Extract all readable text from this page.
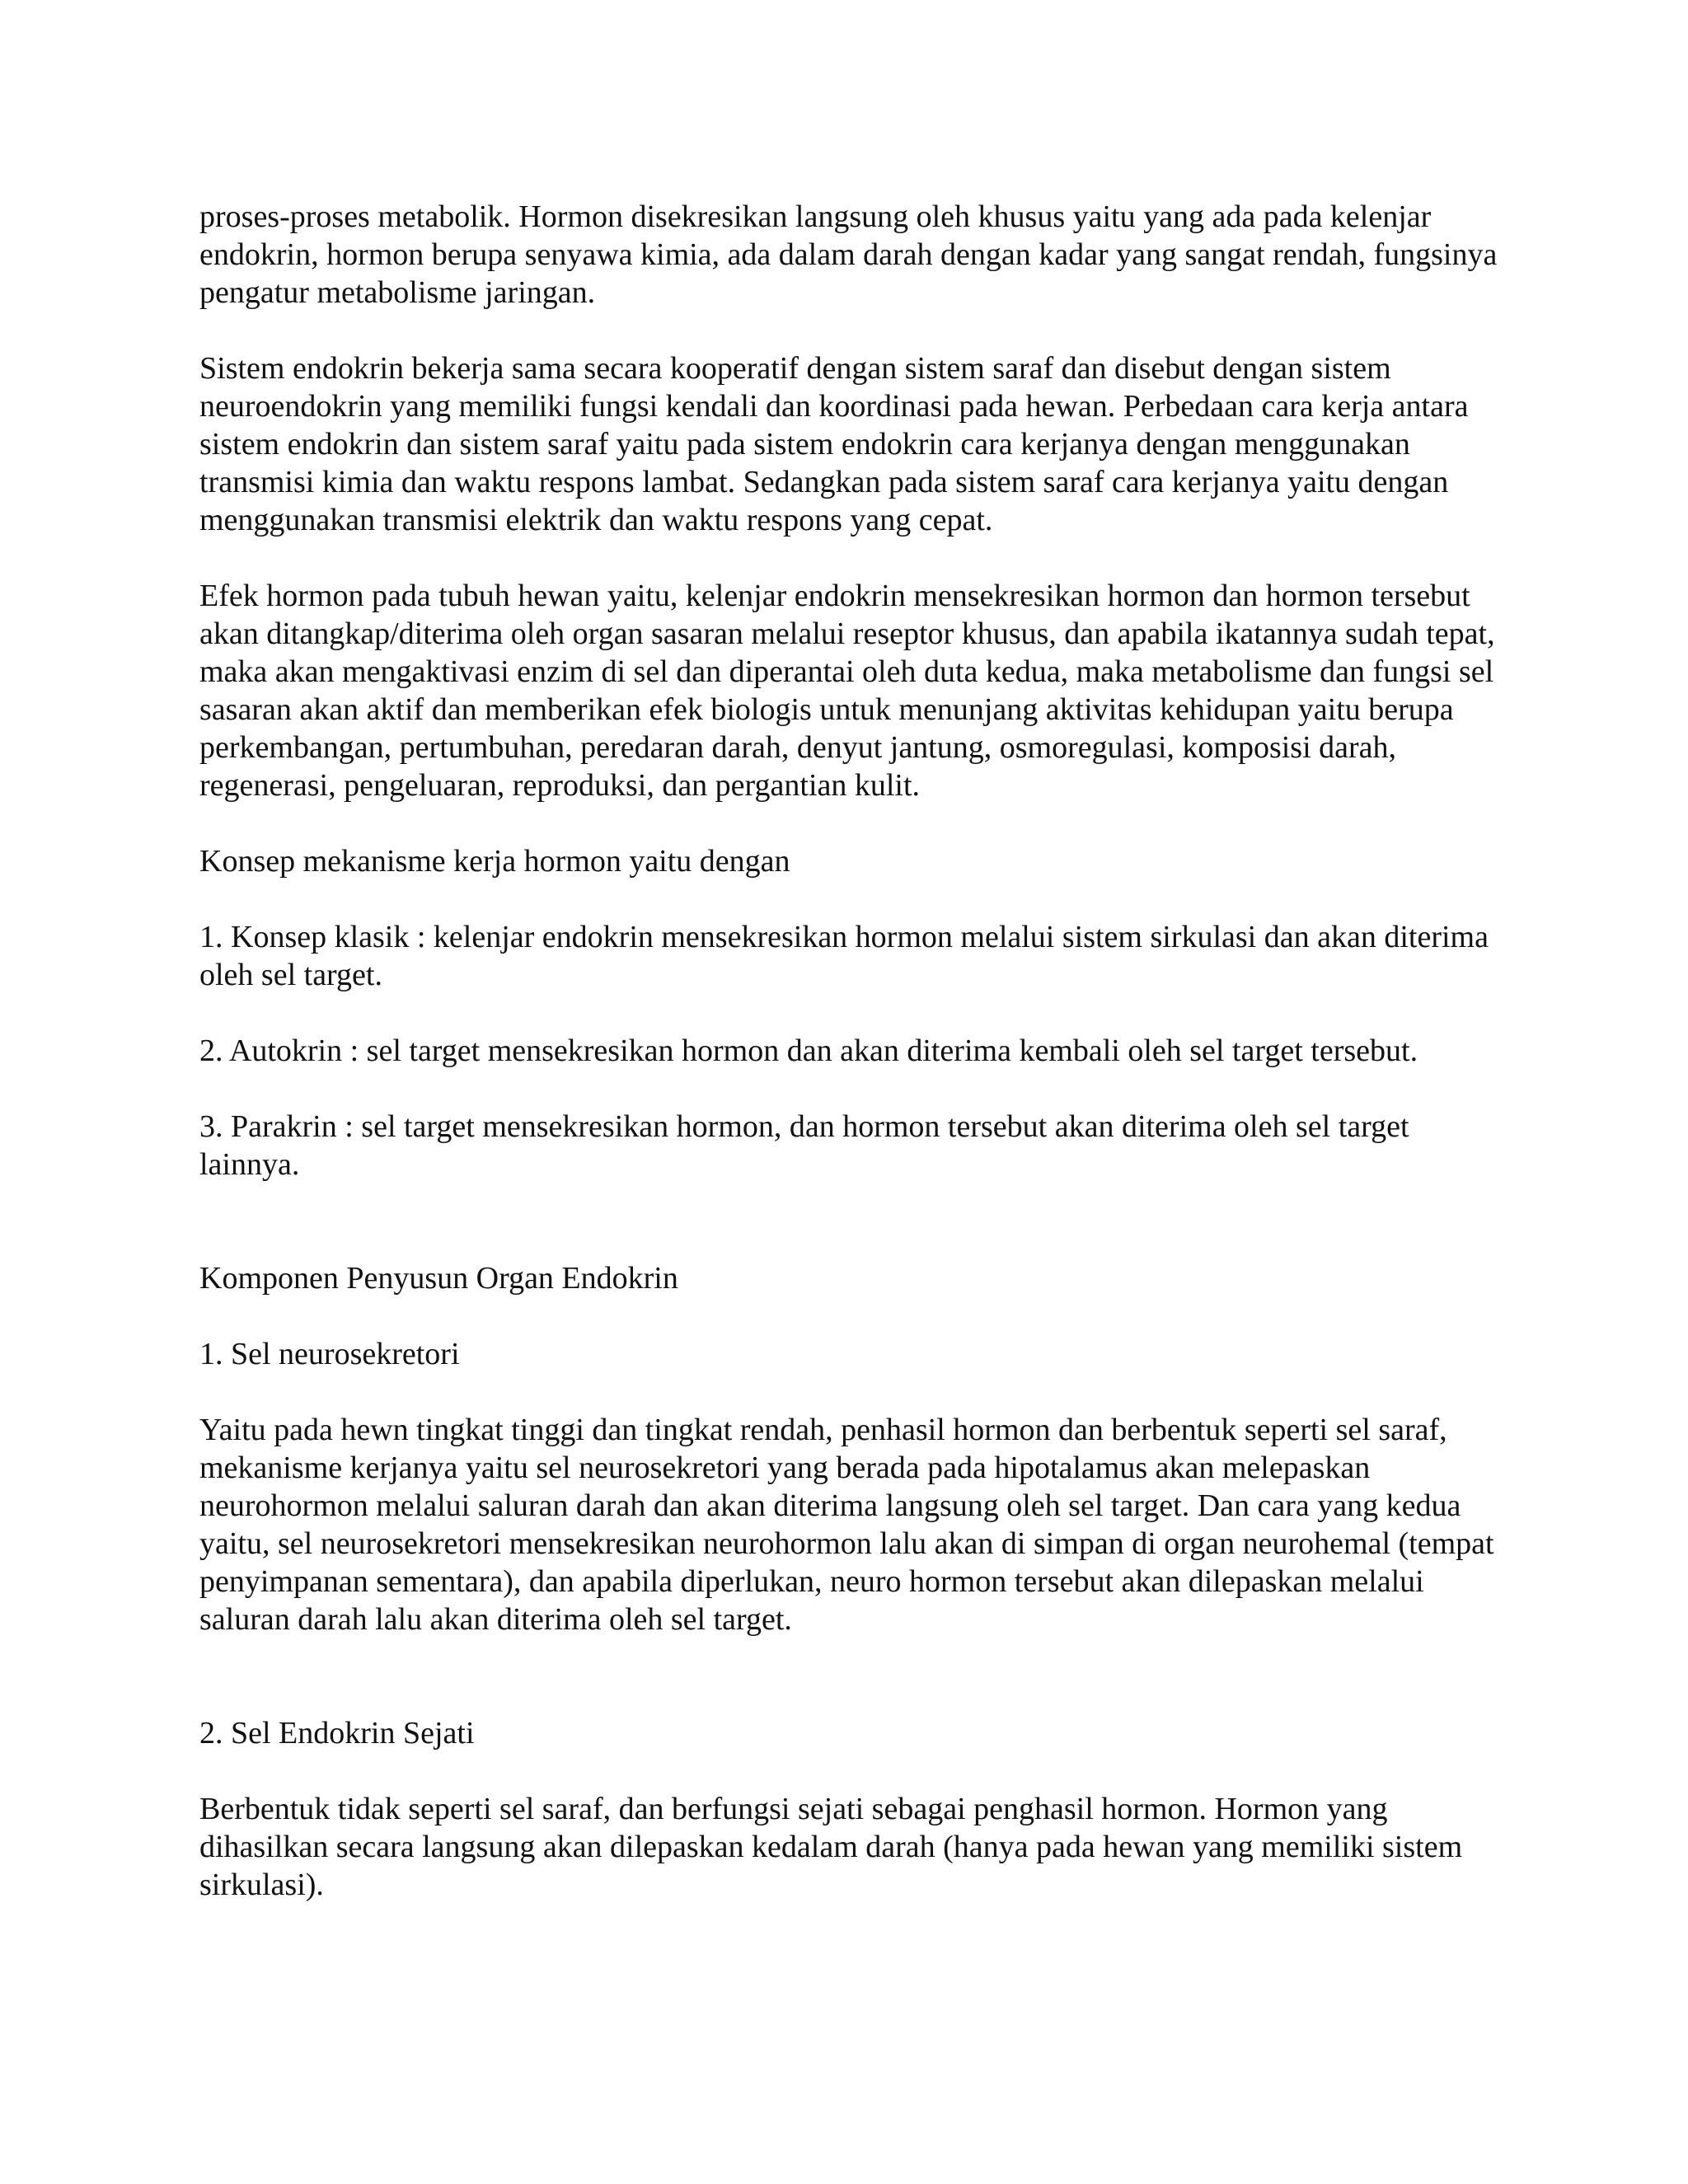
proses-proses metabolik. Hormon disekresikan langsung oleh khusus yaitu yang ada pada kelenjar endokrin, hormon berupa senyawa kimia, ada dalam darah dengan kadar yang sangat rendah, fungsinya pengatur metabolisme jaringan.

Sistem endokrin bekerja sama secara kooperatif dengan sistem saraf dan disebut dengan sistem neuroendokrin yang memiliki fungsi kendali dan koordinasi pada hewan. Perbedaan cara kerja antara sistem endokrin dan sistem saraf yaitu pada sistem endokrin cara kerjanya dengan menggunakan transmisi kimia dan waktu respons lambat. Sedangkan pada sistem saraf cara kerjanya yaitu dengan menggunakan transmisi elektrik dan waktu respons yang cepat.

Efek hormon pada tubuh hewan yaitu, kelenjar endokrin mensekresikan hormon dan hormon tersebut akan ditangkap/diterima oleh organ sasaran melalui reseptor khusus, dan apabila ikatannya sudah tepat, maka akan mengaktivasi enzim di sel dan diperantai oleh duta kedua, maka metabolisme dan fungsi sel sasaran akan aktif dan memberikan efek biologis untuk menunjang aktivitas kehidupan yaitu berupa perkembangan, pertumbuhan, peredaran darah, denyut jantung, osmoregulasi, komposisi darah, regenerasi, pengeluaran, reproduksi, dan pergantian kulit.

Konsep mekanisme kerja hormon yaitu dengan

1. Konsep klasik : kelenjar endokrin mensekresikan hormon melalui sistem sirkulasi dan akan diterima oleh sel target.

2. Autokrin : sel target mensekresikan hormon dan akan diterima kembali oleh sel target tersebut.

3. Parakrin : sel target mensekresikan hormon, dan hormon tersebut akan diterima oleh sel target lainnya.

Komponen Penyusun Organ Endokrin

1. Sel neurosekretori

Yaitu pada hewn tingkat tinggi dan tingkat rendah, penhasil hormon dan berbentuk seperti sel saraf, mekanisme kerjanya yaitu sel neurosekretori yang berada pada hipotalamus akan melepaskan neurohormon melalui saluran darah dan akan diterima langsung oleh sel target. Dan cara yang kedua yaitu, sel neurosekretori mensekresikan neurohormon lalu akan di simpan di organ neurohemal (tempat penyimpanan sementara), dan apabila diperlukan, neuro hormon tersebut akan dilepaskan melalui saluran darah lalu akan diterima oleh sel target.

2. Sel Endokrin Sejati

Berbentuk tidak seperti sel saraf, dan berfungsi sejati sebagai penghasil hormon. Hormon yang dihasilkan secara langsung akan dilepaskan kedalam darah (hanya pada hewan yang memiliki sistem sirkulasi).
